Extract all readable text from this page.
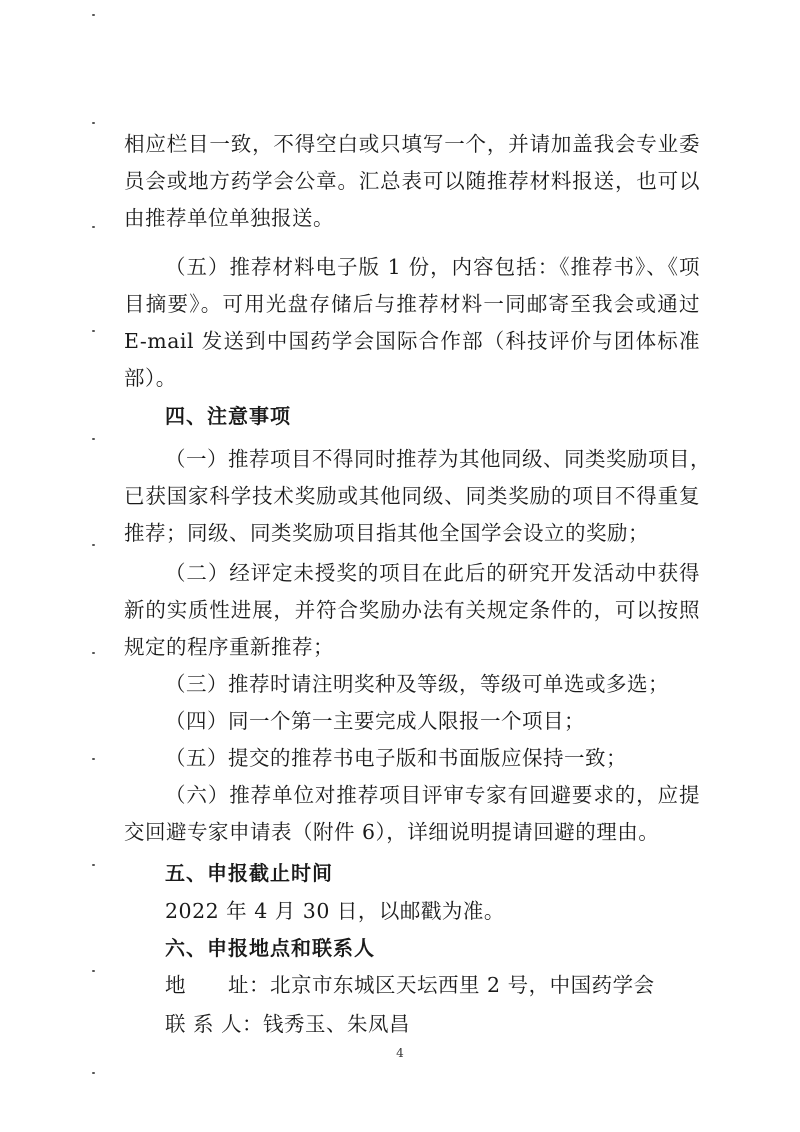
相应栏目一致，不得空白或只填写一个，并请加盖我会专业委
员会或地方药学会公章。汇总表可以随推荐材料报送，也可以
由推荐单位单独报送。
（五）推荐材料电子版 1 份，内容包括：《推荐书》、《项
目摘要》。可用光盘存储后与推荐材料一同邮寄至我会或通过
E-mail 发送到中国药学会国际合作部（科技评价与团体标准
部）。
四、注意事项
（一）推荐项目不得同时推荐为其他同级、同类奖励项目，
已获国家科学技术奖励或其他同级、同类奖励的项目不得重复
推荐；同级、同类奖励项目指其他全国学会设立的奖励；
（二）经评定未授奖的项目在此后的研究开发活动中获得
新的实质性进展，并符合奖励办法有关规定条件的，可以按照
规定的程序重新推荐；
（三）推荐时请注明奖种及等级，等级可单选或多选；
（四）同一个第一主要完成人限报一个项目；
（五）提交的推荐书电子版和书面版应保持一致；
（六）推荐单位对推荐项目评审专家有回避要求的，应提
交回避专家申请表（附件 6），详细说明提请回避的理由。
五、申报截止时间
2022 年 4 月 30 日，以邮戳为准。
六、申报地点和联系人
地　　址：北京市东城区天坛西里 2 号，中国药学会
联 系 人：钱秀玉、朱凤昌
4
